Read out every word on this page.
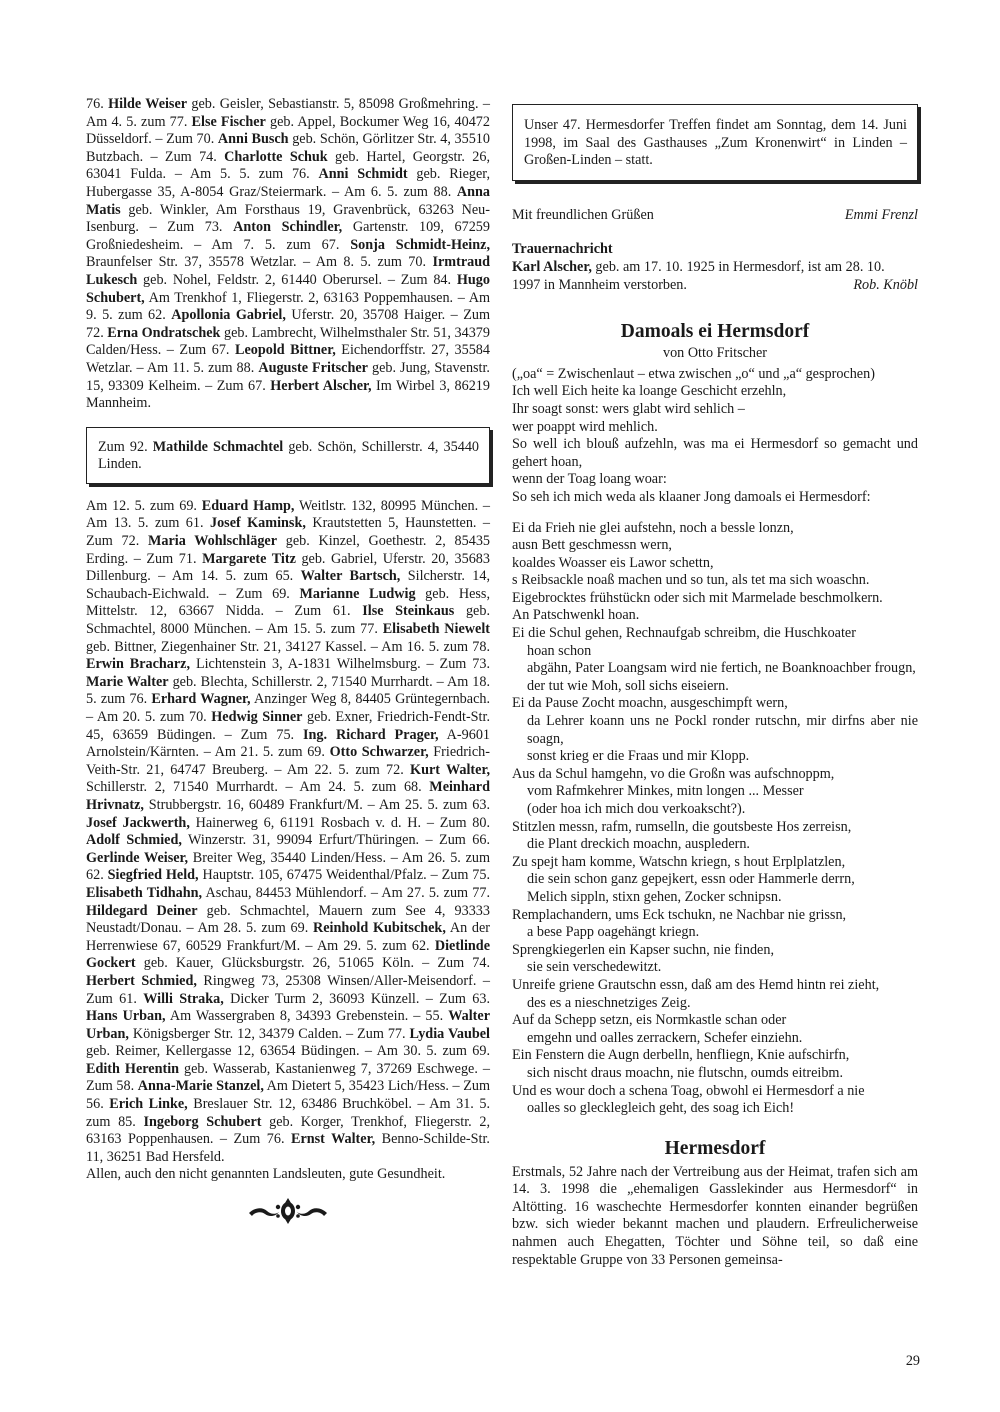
76. Hilde Weiser geb. Geisler, Sebastianstr. 5, 85098 Großmehring. – Am 4. 5. zum 77. Else Fischer geb. Appel, Bockumer Weg 16, 40472 Düsseldorf. – Zum 70. Anni Busch geb. Schön, Görlitzer Str. 4, 35510 Butzbach. – Zum 74. Charlotte Schuk geb. Hartel, Georgstr. 26, 63041 Fulda. – Am 5. 5. zum 76. Anni Schmidt geb. Rieger, Hubergasse 35, A-8054 Graz/Steiermark. – Am 6. 5. zum 88. Anna Matis geb. Winkler, Am Forsthaus 19, Gravenbrück, 63263 Neu-Isenburg. – Zum 73. Anton Schindler, Gartenstr. 109, 67259 Großniedesheim. – Am 7. 5. zum 67. Sonja Schmidt-Heinz, Braunfelser Str. 37, 35578 Wetzlar. – Am 8. 5. zum 70. Irmtraud Lukesch geb. Nohel, Feldstr. 2, 61440 Oberursel. – Zum 84. Hugo Schubert, Am Trenkhof 1, Fliegerstr. 2, 63163 Poppemhausen. – Am 9. 5. zum 62. Apollonia Gabriel, Uferstr. 20, 35708 Haiger. – Zum 72. Erna Ondratschek geb. Lambrecht, Wilhelmsthaler Str. 51, 34379 Calden/Hess. – Zum 67. Leopold Bittner, Eichendorffstr. 27, 35584 Wetzlar. – Am 11. 5. zum 88. Auguste Fritscher geb. Jung, Stavenstr. 15, 93309 Kelheim. – Zum 67. Herbert Alscher, Im Wirbel 3, 86219 Mannheim.

Zum 92. Mathilde Schmachtel geb. Schön, Schillerstr. 4, 35440 Linden.

Am 12. 5. zum 69. Eduard Hamp, Weitlstr. 132, 80995 München. – Am 13. 5. zum 61. Josef Kaminsk, Krautstetten 5, Haunstetten. – Zum 72. Maria Wohlschläger geb. Kinzel, Goethestr. 2, 85435 Erding. – Zum 71. Margarete Titz geb. Gabriel, Uferstr. 20, 35683 Dillenburg. – Am 14. 5. zum 65. Walter Bartsch, Silcherstr. 14, Schaubach-Eichwald. – Zum 69. Marianne Ludwig geb. Hess, Mittelstr. 12, 63667 Nidda. – Zum 61. Ilse Steinkaus geb. Schmachtel, 8000 München. – Am 15. 5. zum 77. Elisabeth Niewelt geb. Bittner, Ziegenhainer Str. 21, 34127 Kassel. – Am 16. 5. zum 78. Erwin Bracharz, Lichtenstein 3, A-1831 Wilhelmsburg. – Zum 73. Marie Walter geb. Blechta, Schillerstr. 2, 71540 Murrhardt. – Am 18. 5. zum 76. Erhard Wagner, Anzinger Weg 8, 84405 Grüntegernbach. – Am 20. 5. zum 70. Hedwig Sinner geb. Exner, Friedrich-Fendt-Str. 45, 63659 Büdingen. – Zum 75. Ing. Richard Prager, A-9601 Arnolstein/Kärnten. – Am 21. 5. zum 69. Otto Schwarzer, Friedrich-Veith-Str. 21, 64747 Breuberg. – Am 22. 5. zum 72. Kurt Walter, Schillerstr. 2, 71540 Murrhardt. – Am 24. 5. zum 68. Meinhard Hrivnatz, Strubbergstr. 16, 60489 Frankfurt/M. – Am 25. 5. zum 63. Josef Jackwerth, Hainerweg 6, 61191 Rosbach v. d. H. – Zum 80. Adolf Schmied, Winzerstr. 31, 99094 Erfurt/Thüringen. – Zum 66. Gerlinde Weiser, Breiter Weg, 35440 Linden/Hess. – Am 26. 5. zum 62. Siegfried Held, Hauptstr. 105, 67475 Weidenthal/Pfalz. – Zum 75. Elisabeth Tidhahn, Aschau, 84453 Mühlendorf. – Am 27. 5. zum 77. Hildegard Deiner geb. Schmachtel, Mauern zum See 4, 93333 Neustadt/Donau. – Am 28. 5. zum 69. Reinhold Kubitschek, An der Herrenwiese 67, 60529 Frankfurt/M. – Am 29. 5. zum 62. Dietlinde Gockert geb. Kauer, Glücksburgstr. 26, 51065 Köln. – Zum 74. Herbert Schmied, Ringweg 73, 25308 Winsen/Aller-Meisendorf. – Zum 61. Willi Straka, Dicker Turm 2, 36093 Künzell. – Zum 63. Hans Urban, Am Wassergraben 8, 34393 Grebenstein. – 55. Walter Urban, Königsberger Str. 12, 34379 Calden. – Zum 77. Lydia Vaubel geb. Reimer, Kellergasse 12, 63654 Büdingen. – Am 30. 5. zum 69. Edith Herentin geb. Wasserab, Kastanienweg 7, 37269 Eschwege. – Zum 58. Anna-Marie Stanzel, Am Dietert 5, 35423 Lich/Hess. – Zum 56. Erich Linke, Breslauer Str. 12, 63486 Bruchköbel. – Am 31. 5. zum 85. Ingeborg Schubert geb. Korger, Trenkhof, Fliegerstr. 2, 63163 Poppenhausen. – Zum 76. Ernst Walter, Benno-Schilde-Str. 11, 36251 Bad Hersfeld.

Allen, auch den nicht genannten Landsleuten, gute Gesundheit.

Unser 47. Hermesdorfer Treffen findet am Sonntag, dem 14. Juni 1998, im Saal des Gasthauses „Zum Kronenwirt“ in Linden – Großen-Linden – statt.

Mit freundlichen Grüßen	Emmi Frenzl

Trauernachricht

Karl Alscher, geb. am 17. 10. 1925 in Hermesdorf, ist am 28. 10.

1997 in Mannheim verstorben.	Rob. Knöbl
Damoals ei Hermsdorf

von Otto Fritscher

(„oa“ = Zwischenlaut – etwa zwischen „o“ und „a“ gesprochen)

Ich well Eich heite ka loange Geschicht erzehln,

Ihr soagt sonst: wers glabt wird sehlich –

wer poappt wird mehlich.

So well ich blouß aufzehln, was ma ei Hermesdorf so gemacht und gehert hoan,

wenn der Toag loang woar:

So seh ich mich weda als klaaner Jong damoals ei Hermesdorf:

Ei da Frieh nie glei aufstehn, noch a bessle lonzn,

ausn Bett geschmessn wern,

koaldes Woasser eis Lawor schettn,

s Reibsackle noaß machen und so tun, als tet ma sich woaschn.

Eigebrocktes frühstückn oder sich mit Marmelade beschmolkern.

An Patschwenkl hoan.

Ei die Schul gehen, Rechnaufgab schreibm, die Huschkoater

hoan schon

abgähn, Pater Loangsam wird nie fertich, ne Boanknoachber frougn,

der tut wie Moh, soll sichs eiseiern.

Ei da Pause Zocht moachn, ausgeschimpft wern,

da Lehrer koann uns ne Pockl ronder rutschn, mir dirfns aber nie soagn,

sonst krieg er die Fraas und mir Klopp.

Aus da Schul hamgehn, vo die Großn was aufschnoppm,

vom Rafmkehrer Minkes, mitn longen ... Messer

(oder hoa ich mich dou verkoakscht?).

Stitzlen messn, rafm, rumselln, die goutsbeste Hos zerreisn,

die Plant dreckich moachn, auspledern.

Zu spejt ham komme, Watschn kriegn, s hout Erplplatzlen,

die sein schon ganz gepejkert, essn oder Hammerle derrn,

Melich sippln, stixn gehen, Zocker schnipsn.

Remplachandern, ums Eck tschukn, ne Nachbar nie grissn,

a bese Papp oagehängt kriegn.

Sprengkiegerlen ein Kapser suchn, nie finden,

sie sein verschedewitzt.

Unreife griene Grautschn essn, daß am des Hemd hintn rei zieht,

des es a nieschnetziges Zeig.

Auf da Schepp setzn, eis Normkastle schan oder

emgehn und oalles zerrackern, Schefer einziehn.

Ein Fenstern die Augn derbelln, henfliegn, Knie aufschirfn,

sich nischt draus moachn, nie flutschn, oumds eitreibm.

Und es wour doch a schena Toag, obwohl ei Hermesdorf a nie

oalles so gleckleglеich geht, des soag ich Eich!

Hermesdorf

Erstmals, 52 Jahre nach der Vertreibung aus der Heimat, trafen sich am 14. 3. 1998 die „ehemaligen Gasslekinder aus Hermesdorf“ in Altötting. 16 waschechte Hermesdorfer konnten einander begrüßen bzw. sich wieder bekannt machen und plaudern. Erfreulicherweise nahmen auch Ehegatten, Töchter und Söhne teil, so daß eine respektable Gruppe von 33 Personen gemeinsa-

29
